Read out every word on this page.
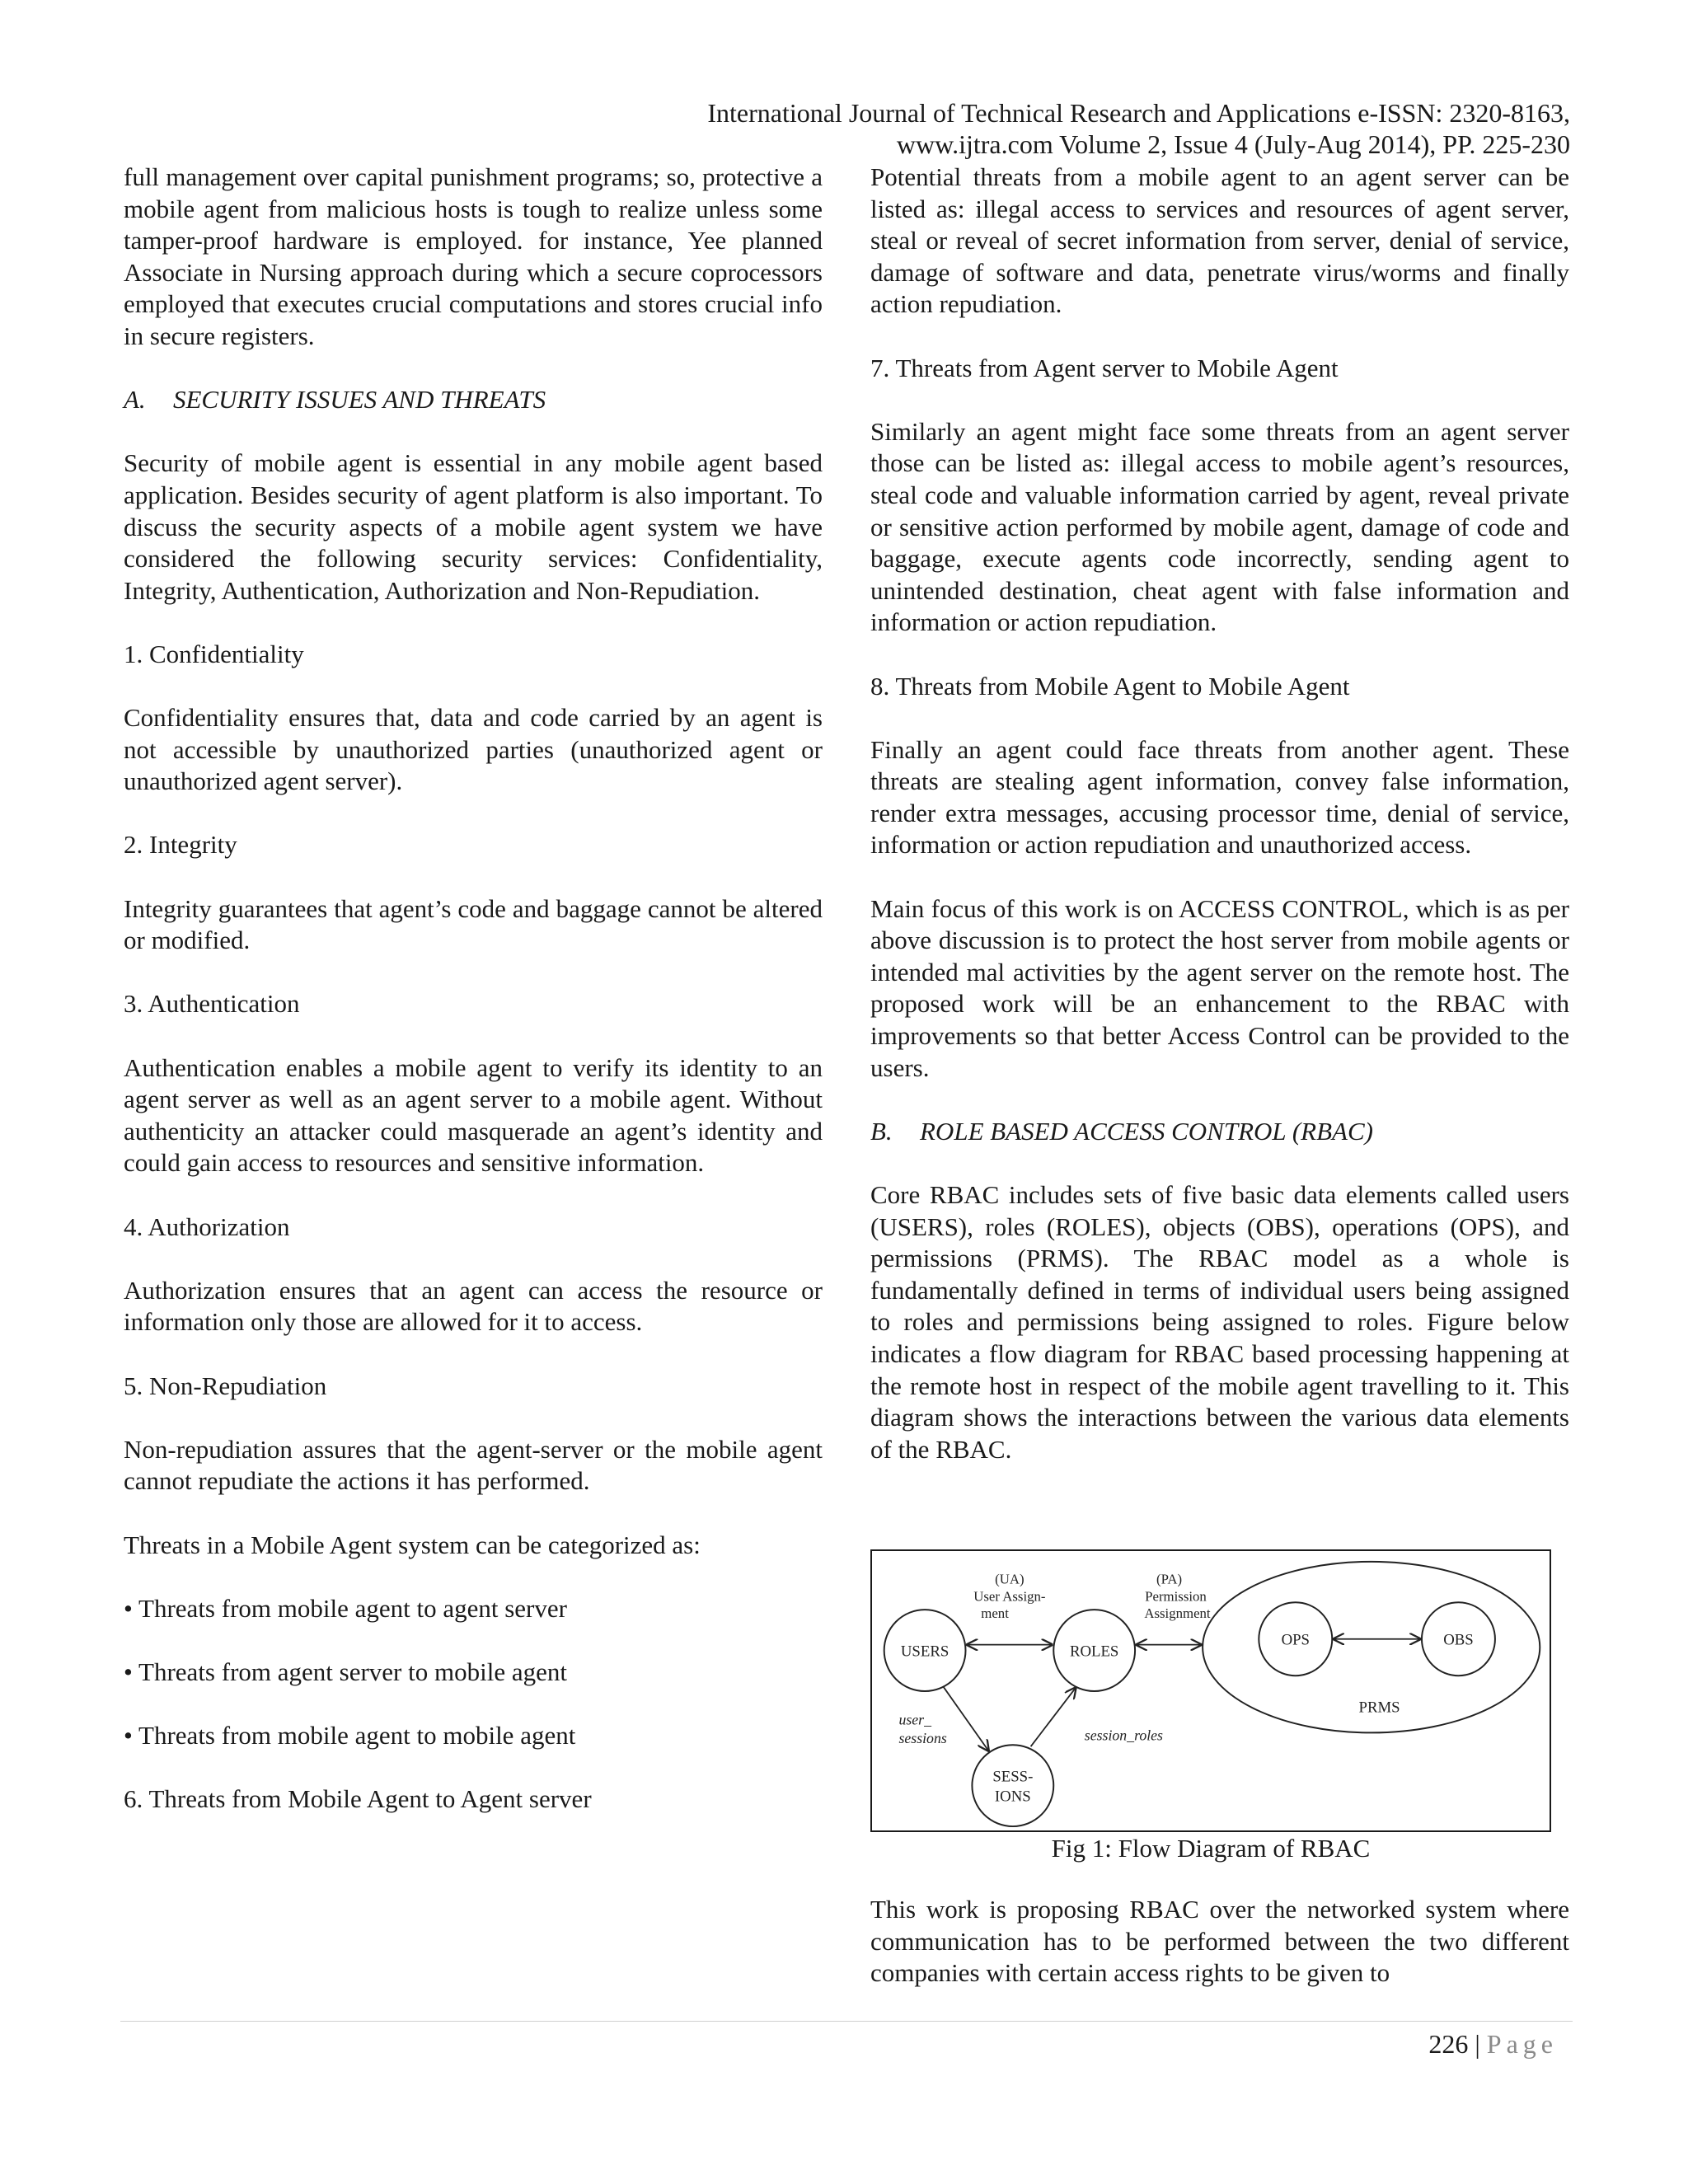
International Journal of Technical Research and Applications e-ISSN: 2320-8163,
www.ijtra.com Volume 2, Issue 4 (July-Aug 2014), PP. 225-230

full management over capital punishment programs; so, protective a mobile agent from malicious hosts is tough to realize unless some tamper-proof hardware is employed. for instance, Yee planned Associate in Nursing approach during which a secure coprocessors employed that executes crucial computations and stores crucial info in secure registers.

A. SECURITY ISSUES AND THREATS

Security of mobile agent is essential in any mobile agent based application. Besides security of agent platform is also important. To discuss the security aspects of a mobile agent system we have considered the following security services: Confidentiality, Integrity, Authentication, Authorization and Non-Repudiation.

1. Confidentiality

Confidentiality ensures that, data and code carried by an agent is not accessible by unauthorized parties (unauthorized agent or unauthorized agent server).

2. Integrity

Integrity guarantees that agent’s code and baggage cannot be altered or modified.

3. Authentication

Authentication enables a mobile agent to verify its identity to an agent server as well as an agent server to a mobile agent. Without authenticity an attacker could masquerade an agent’s identity and could gain access to resources and sensitive information.

4. Authorization

Authorization ensures that an agent can access the resource or information only those are allowed for it to access.

5. Non-Repudiation

Non-repudiation assures that the agent-server or the mobile agent cannot repudiate the actions it has performed.

Threats in a Mobile Agent system can be categorized as:

• Threats from mobile agent to agent server

• Threats from agent server to mobile agent

• Threats from mobile agent to mobile agent

6. Threats from Mobile Agent to Agent server

Potential threats from a mobile agent to an agent server can be listed as: illegal access to services and resources of agent server, steal or reveal of secret information from server, denial of service, damage of software and data, penetrate virus/worms and finally action repudiation.

7. Threats from Agent server to Mobile Agent

Similarly an agent might face some threats from an agent server those can be listed as: illegal access to mobile agent’s resources, steal code and valuable information carried by agent, reveal private or sensitive action performed by mobile agent, damage of code and baggage, execute agents code incorrectly, sending agent to unintended destination, cheat agent with false information and information or action repudiation.

8. Threats from Mobile Agent to Mobile Agent

Finally an agent could face threats from another agent. These threats are stealing agent information, convey false information, render extra messages, accusing processor time, denial of service, information or action repudiation and unauthorized access.

Main focus of this work is on ACCESS CONTROL, which is as per above discussion is to protect the host server from mobile agents or intended mal activities by the agent server on the remote host. The proposed work will be an enhancement to the RBAC with improvements so that better Access Control can be provided to the users.

B. ROLE BASED ACCESS CONTROL (RBAC)

Core RBAC includes sets of five basic data elements called users (USERS), roles (ROLES), objects (OBS), operations (OPS), and permissions (PRMS). The RBAC model as a whole is fundamentally defined in terms of individual users being assigned to roles and permissions being assigned to roles. Figure below indicates a flow diagram for RBAC based processing happening at the remote host in respect of the mobile agent travelling to it. This diagram shows the interactions between the various data elements of the RBAC.

USERS	ROLES
SESS-
IONS
PRMS
OPS	OBS
(UA)
User Assign-
ment
(PA)
Permission
Assignment
user_
sessions	session_roles
Fig 1: Flow Diagram of RBAC
This work is proposing RBAC over the networked system where communication has to be performed between the two different companies with certain access rights to be given to
226 | Page
